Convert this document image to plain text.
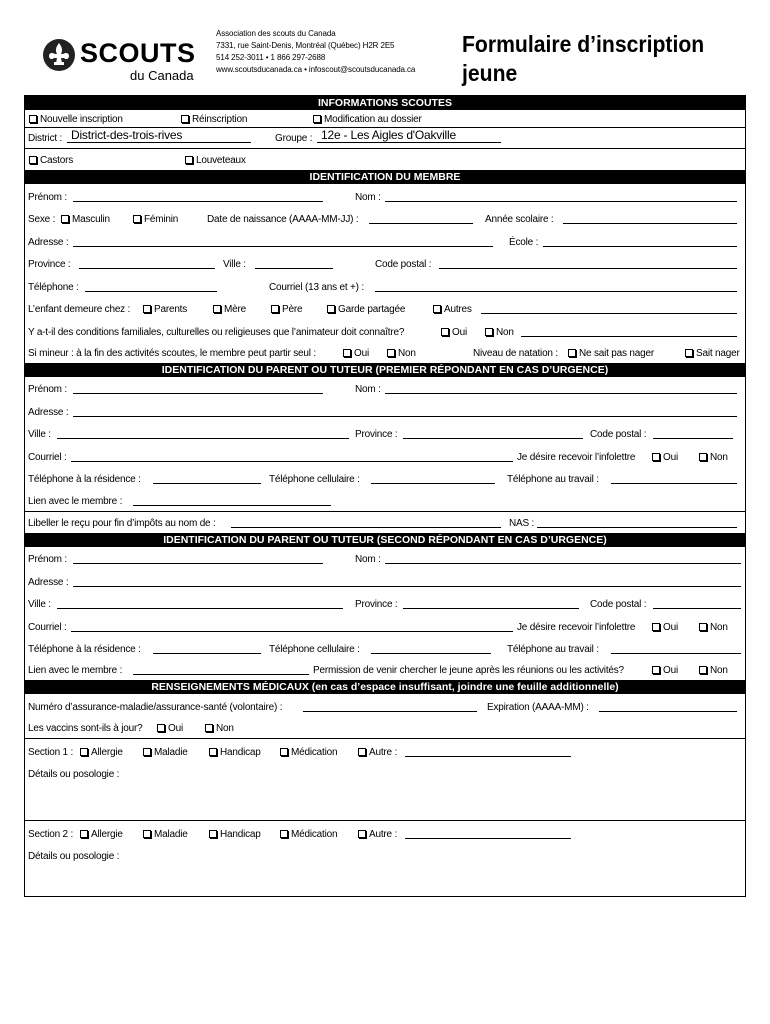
SCOUTS
du Canada
Association des scouts du Canada
7331, rue Saint-Denis, Montréal (Québec) H2R 2E5
514 252-3011 • 1 866 297-2688
www.scoutsducanada.ca • infoscout@scoutsducanada.ca
Formulaire d’inscription
jeune
INFORMATIONS SCOUTES
Nouvelle inscription	Réinscription	Modification au dossier
District : District-des-trois-rives	Groupe : 12e - Les Aigles d'Oakville
Castors	Louveteaux
IDENTIFICATION DU MEMBRE
Prénom :	Nom :
Sexe :	Masculin	Féminin	Date de naissance (AAAA-MM-JJ) :	Année scolaire :
Adresse :	École :
Province :	Ville :	Code postal :
Téléphone :	Courriel (13 ans et +) :
L’enfant demeure chez :	Parents	Mère	Père	Garde partagée	Autres
Y a-t-il des conditions familiales, culturelles ou religieuses que l’animateur doit connaître?	Oui	Non
Si mineur : à la fin des activités scoutes, le membre peut partir seul :	Oui	Non	Niveau de natation :	Ne sait pas nager	Sait nager
IDENTIFICATION DU PARENT OU TUTEUR (PREMIER RÉPONDANT EN CAS D’URGENCE)
Prénom :	Nom :
Adresse :
Ville :	Province :	Code postal :
Courriel :	Je désire recevoir l’infolettre	Oui	Non
Téléphone à la résidence :	Téléphone cellulaire :	Téléphone au travail :
Lien avec le membre :
Libeller le reçu pour fin d’impôts au nom de :	NAS :
IDENTIFICATION DU PARENT OU TUTEUR (SECOND RÉPONDANT EN CAS D’URGENCE)
Prénom :	Nom :
Adresse :
Ville :	Province :	Code postal :
Courriel :	Je désire recevoir l’infolettre	Oui	Non
Téléphone à la résidence :	Téléphone cellulaire :	Téléphone au travail :
Lien avec le membre :	Permission de venir chercher le jeune après les réunions ou les activités?	Oui	Non
RENSEIGNEMENTS MÉDICAUX (en cas d’espace insuffisant, joindre une feuille additionnelle)
Numéro d’assurance-maladie/assurance-santé (volontaire) :	Expiration (AAAA-MM) :
Les vaccins sont-ils à jour?	Oui	Non
Section 1 :	Allergie	Maladie	Handicap	Médication	Autre :
Détails ou posologie :
Section 2 :	Allergie	Maladie	Handicap	Médication	Autre :
Détails ou posologie :
